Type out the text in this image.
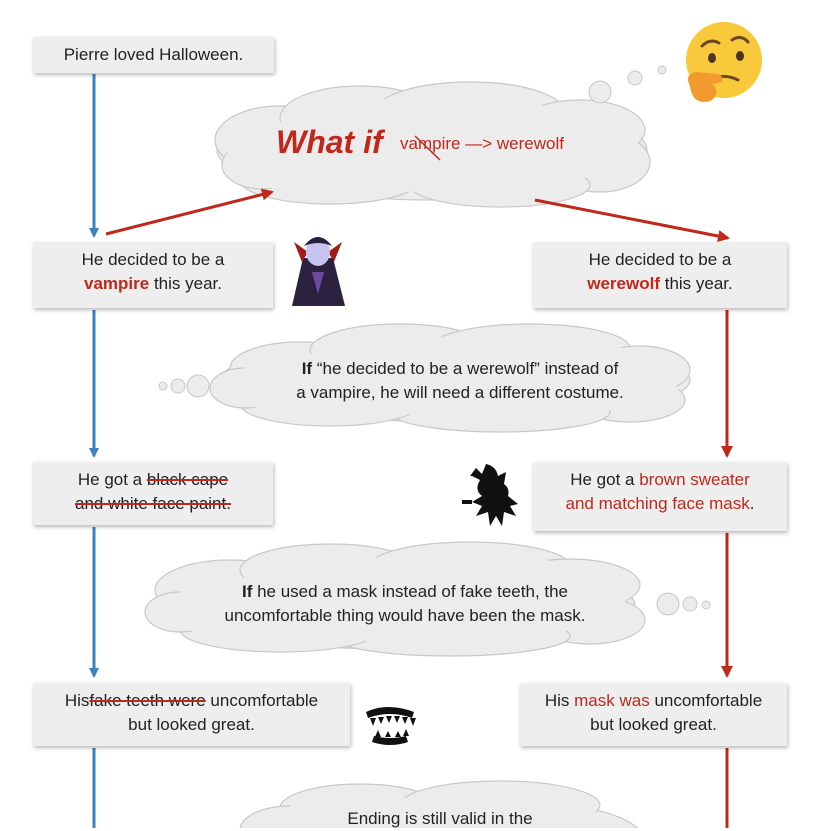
Pierre loved Halloween.
What if vampire —> werewolf
He decided to be a
vampire this year.
He got a black cape
and white face paint.
Hisfake teeth were uncomfortable
but looked great.
He decided to be a
werewolf this year.
He got a brown sweater
and matching face mask.
His mask was uncomfortable
but looked great.
If “he decided to be a werewolf” instead of
a vampire, he will need a different costume.
If he used a mask instead of fake teeth, the
uncomfortable thing would have been the mask.
Ending is still valid in the
